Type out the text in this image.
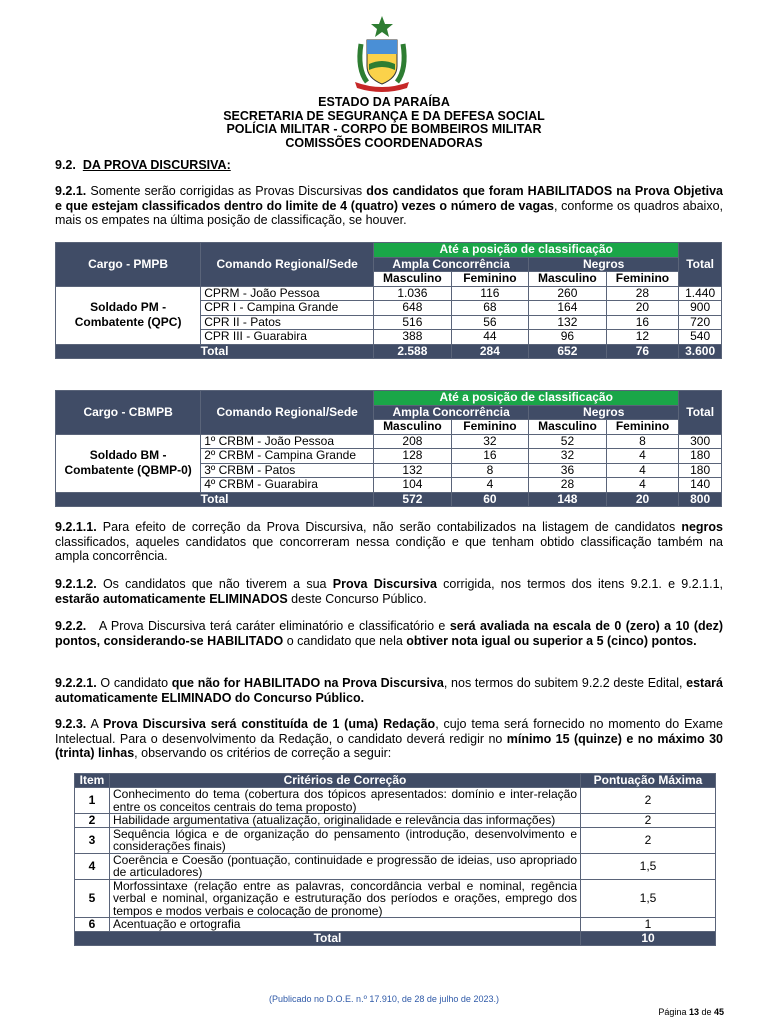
ESTADO DA PARAÍBA
SECRETARIA DE SEGURANÇA E DA DEFESA SOCIAL
POLÍCIA MILITAR - CORPO DE BOMBEIROS MILITAR
COMISSÕES COORDENADORAS
9.2. DA PROVA DISCURSIVA:
9.2.1. Somente serão corrigidas as Provas Discursivas dos candidatos que foram HABILITADOS na Prova Objetiva e que estejam classificados dentro do limite de 4 (quatro) vezes o número de vagas, conforme os quadros abaixo, mais os empates na última posição de classificação, se houver.
Cargo - PMPB	Comando Regional/Sede	Até a posição de classificação				Total
		Ampla Concorrência		Negros		
		Masculino	Feminino	Masculino	Feminino	
Soldado PM - Combatente (QPC)	CPRM - João Pessoa	1.036	116	260	28	1.440
	CPR I - Campina Grande	648	68	164	20	900
	CPR II - Patos	516	56	132	16	720
	CPR III - Guarabira	388	44	96	12	540
Total		2.588	284	652	76	3.600
Cargo - CBMPB	Comando Regional/Sede	Até a posição de classificação				Total
		Ampla Concorrência		Negros		
		Masculino	Feminino	Masculino	Feminino	
Soldado BM - Combatente (QBMP-0)	1º CRBM - João Pessoa	208	32	52	8	300
	2º CRBM - Campina Grande	128	16	32	4	180
	3º CRBM - Patos	132	8	36	4	180
	4º CRBM - Guarabira	104	4	28	4	140
Total		572	60	148	20	800
9.2.1.1. Para efeito de correção da Prova Discursiva, não serão contabilizados na listagem de candidatos negros classificados, aqueles candidatos que concorreram nessa condição e que tenham obtido classificação também na ampla concorrência.
9.2.1.2. Os candidatos que não tiverem a sua Prova Discursiva corrigida, nos termos dos itens 9.2.1. e 9.2.1.1, estarão automaticamente ELIMINADOS deste Concurso Público.
9.2.2. A Prova Discursiva terá caráter eliminatório e classificatório e será avaliada na escala de 0 (zero) a 10 (dez) pontos, considerando-se HABILITADO o candidato que nela obtiver nota igual ou superior a 5 (cinco) pontos.
9.2.2.1. O candidato que não for HABILITADO na Prova Discursiva, nos termos do subitem 9.2.2 deste Edital, estará automaticamente ELIMINADO do Concurso Público.
9.2.3. A Prova Discursiva será constituída de 1 (uma) Redação, cujo tema será fornecido no momento do Exame Intelectual. Para o desenvolvimento da Redação, o candidato deverá redigir no mínimo 15 (quinze) e no máximo 30 (trinta) linhas, observando os critérios de correção a seguir:
Item	Critérios de Correção	Pontuação Máxima
1	Conhecimento do tema (cobertura dos tópicos apresentados: domínio e inter-relação entre os conceitos centrais do tema proposto)	2
2	Habilidade argumentativa (atualização, originalidade e relevância das informações)	2
3	Sequência lógica e de organização do pensamento (introdução, desenvolvimento e considerações finais)	2
4	Coerência e Coesão (pontuação, continuidade e progressão de ideias, uso apropriado de articuladores)	1,5
5	Morfossintaxe (relação entre as palavras, concordância verbal e nominal, regência verbal e nominal, organização e estruturação dos períodos e orações, emprego dos tempos e modos verbais e colocação de pronome)	1,5
6	Acentuação e ortografia	1
Total		10
(Publicado no D.O.E. n.º 17.910, de 28 de julho de 2023.)
Página 13 de 45
